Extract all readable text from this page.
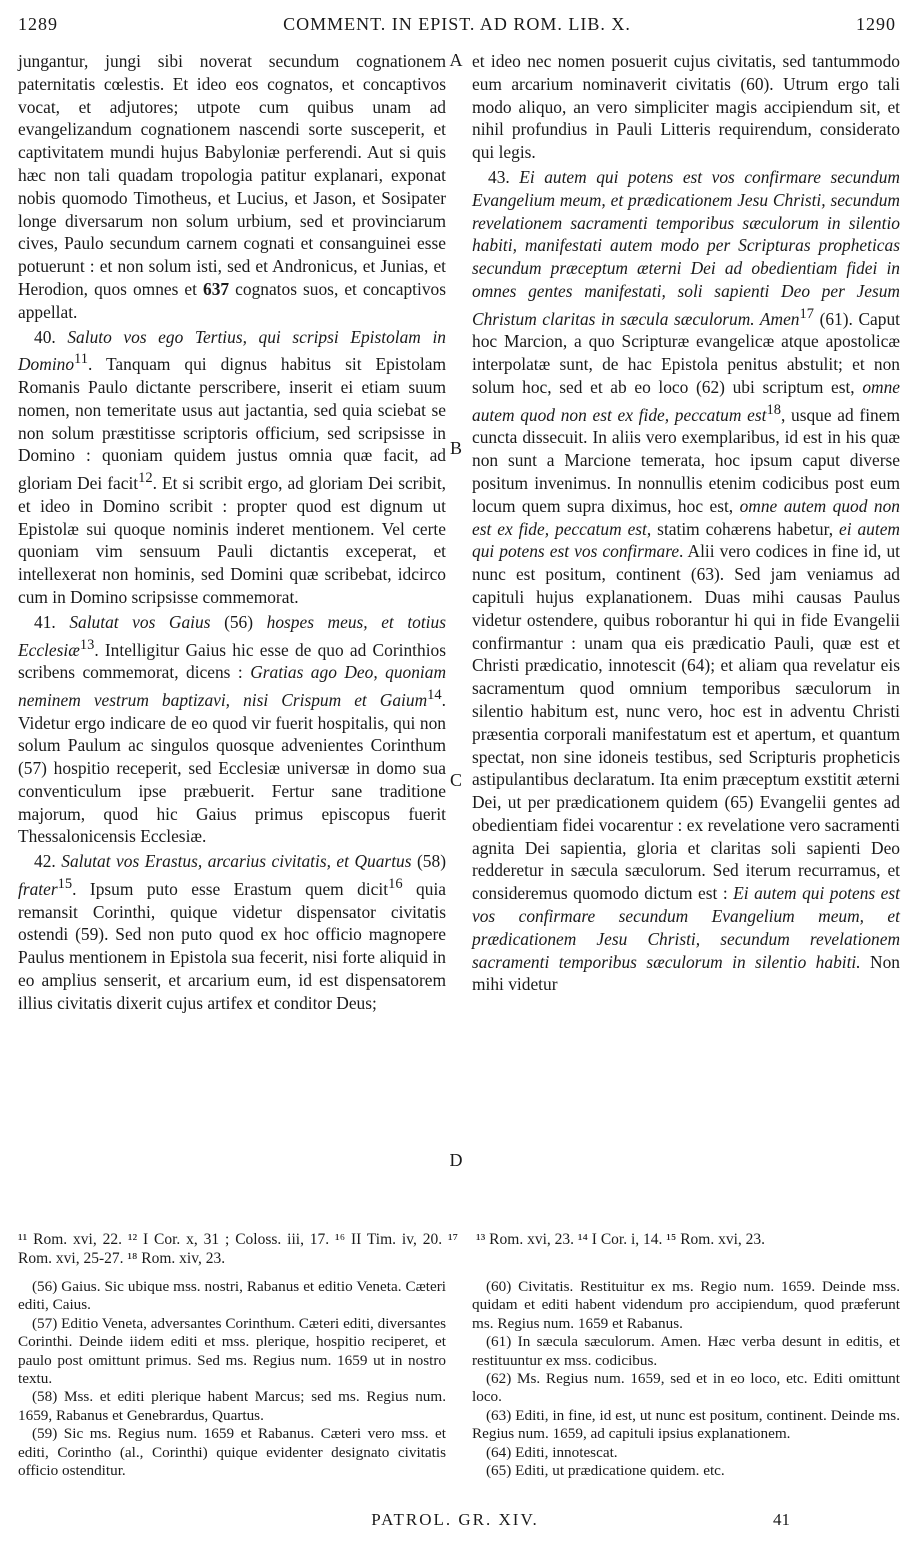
1289	COMMENT. IN EPIST. AD ROM. LIB. X.	1290
A
B
C
D

jungantur, jungi sibi noverat secundum cognationem paternitatis cœlestis. Et ideo eos cognatos, et concaptivos vocat, et adjutores; utpote cum quibus unam ad evangelizandum cognationem nascendi sorte susceperit, et captivitatem mundi hujus Babyloniæ perferendi. Aut si quis hæc non tali quadam tropologia patitur explanari, exponat nobis quomodo Timotheus, et Lucius, et Jason, et Sosipater longe diversarum non solum urbium, sed et provinciarum cives, Paulo secundum carnem cognati et consanguinei esse potuerunt : et non solum isti, sed et Andronicus, et Junias, et Herodion, quos omnes et 637 cognatos suos, et concaptivos appellat.

40. Saluto vos ego Tertius, qui scripsi Epistolam in Domino$^{11}$. Tanquam qui dignus habitus sit Epistolam Romanis Paulo dictante perscribere, inserit ei etiam suum nomen, non temeritate usus aut jactantia, sed quia sciebat se non solum præstitisse scriptoris officium, sed scripsisse in Domino : quoniam quidem justus omnia quæ facit, ad gloriam Dei facit$^{12}$. Et si scribit ergo, ad gloriam Dei scribit, et ideo in Domino scribit : propter quod est dignum ut Epistolæ sui quoque nominis inderet mentionem. Vel certe quoniam vim sensuum Pauli dictantis exceperat, et intellexerat non hominis, sed Domini quæ scribebat, idcirco cum in Domino scripsisse commemorat.

41. Salutat vos Gaius (56) hospes meus, et totius Ecclesiæ$^{13}$. Intelligitur Gaius hic esse de quo ad Corinthios scribens commemorat, dicens : Gratias ago Deo, quoniam neminem vestrum baptizavi, nisi Crispum et Gaium$^{14}$. Videtur ergo indicare de eo quod vir fuerit hospitalis, qui non solum Paulum ac singulos quosque advenientes Corinthum (57) hospitio receperit, sed Ecclesiæ universæ in domo sua conventiculum ipse præbuerit. Fertur sane traditione majorum, quod hic Gaius primus episcopus fuerit Thessalonicensis Ecclesiæ.

42. Salutat vos Erastus, arcarius civitatis, et Quartus (58) frater$^{15}$. Ipsum puto esse Erastum quem dicit$^{16}$ quia remansit Corinthi, quique videtur dispensator civitatis ostendi (59). Sed non puto quod ex hoc officio magnopere Paulus mentionem in Epistola sua fecerit, nisi forte aliquid in eo amplius senserit, et arcarium eum, id est dispensatorem illius civitatis dixerit cujus artifex et conditor Deus;

et ideo nec nomen posuerit cujus civitatis, sed tantummodo eum arcarium nominaverit civitatis (60). Utrum ergo tali modo aliquo, an vero simpliciter magis accipiendum sit, et nihil profundius in Pauli Litteris requirendum, considerato qui legis.

43. Ei autem qui potens est vos confirmare secundum Evangelium meum, et prædicationem Jesu Christi, secundum revelationem sacramenti temporibus sæculorum in silentio habiti, manifestati autem modo per Scripturas propheticas secundum præceptum æterni Dei ad obedientiam fidei in omnes gentes manifestati, soli sapienti Deo per Jesum Christum claritas in sæcula sæculorum. Amen$^{17}$ (61). Caput hoc Marcion, a quo Scripturæ evangelicæ atque apostolicæ interpolatæ sunt, de hac Epistola penitus abstulit; et non solum hoc, sed et ab eo loco (62) ubi scriptum est, omne autem quod non est ex fide, peccatum est$^{18}$, usque ad finem cuncta dissecuit. In aliis vero exemplaribus, id est in his quæ non sunt a Marcione temerata, hoc ipsum caput diverse positum invenimus. In nonnullis etenim codicibus post eum locum quem supra diximus, hoc est, omne autem quod non est ex fide, peccatum est, statim cohærens habetur, ei autem qui potens est vos confirmare. Alii vero codices in fine id, ut nunc est positum, continent (63). Sed jam veniamus ad capituli hujus explanationem. Duas mihi causas Paulus videtur ostendere, quibus roborantur hi qui in fide Evangelii confirmantur : unam qua eis prædicatio Pauli, quæ est et Christi prædicatio, innotescit (64); et aliam qua revelatur eis sacramentum quod omnium temporibus sæculorum in silentio habitum est, nunc vero, hoc est in adventu Christi præsentia corporali manifestatum est et apertum, et quantum spectat, non sine idoneis testibus, sed Scripturis propheticis astipulantibus declaratum. Ita enim præceptum exstitit æterni Dei, ut per prædicationem quidem (65) Evangelii gentes ad obedientiam fidei vocarentur : ex revelatione vero sacramenti agnita Dei sapientia, gloria et claritas soli sapienti Deo redderetur in sæcula sæculorum. Sed iterum recurramus, et consideremus quomodo dictum est : Ei autem qui potens est vos confirmare secundum Evangelium meum, et prædicationem Jesu Christi, secundum revelationem sacramenti temporibus sæculorum in silentio habiti. Non mihi videtur

¹¹ Rom. xvi, 22. ¹² I Cor. x, 31 ; Coloss. iii, 17. ¹⁶ II Tim. iv, 20. ¹⁷ Rom. xvi, 25-27. ¹⁸ Rom. xiv, 23.
¹³ Rom. xvi, 23. ¹⁴ I Cor. i, 14. ¹⁵ Rom. xvi, 23.

(56) Gaius. Sic ubique mss. nostri, Rabanus et editio Veneta. Cæteri editi, Caius.

(57) Editio Veneta, adversantes Corinthum. Cæteri editi, diversantes Corinthi. Deinde iidem editi et mss. plerique, hospitio reciperet, et paulo post omittunt primus. Sed ms. Regius num. 1659 ut in nostro textu.

(58) Mss. et editi plerique habent Marcus; sed ms. Regius num. 1659, Rabanus et Genebrardus, Quartus.

(59) Sic ms. Regius num. 1659 et Rabanus. Cæteri vero mss. et editi, Corintho (al., Corinthi) quique evidenter designato civitatis officio ostenditur.

(60) Civitatis. Restituitur ex ms. Regio num. 1659. Deinde mss. quidam et editi habent videndum pro accipiendum, quod præferunt ms. Regius num. 1659 et Rabanus.

(61) In sæcula sæculorum. Amen. Hæc verba desunt in editis, et restituuntur ex mss. codicibus.

(62) Ms. Regius num. 1659, sed et in eo loco, etc. Editi omittunt loco.

(63) Editi, in fine, id est, ut nunc est positum, continent. Deinde ms. Regius num. 1659, ad capituli ipsius explanationem.

(64) Editi, innotescat.

(65) Editi, ut prædicatione quidem. etc.

PATROL. GR. XIV.	41
